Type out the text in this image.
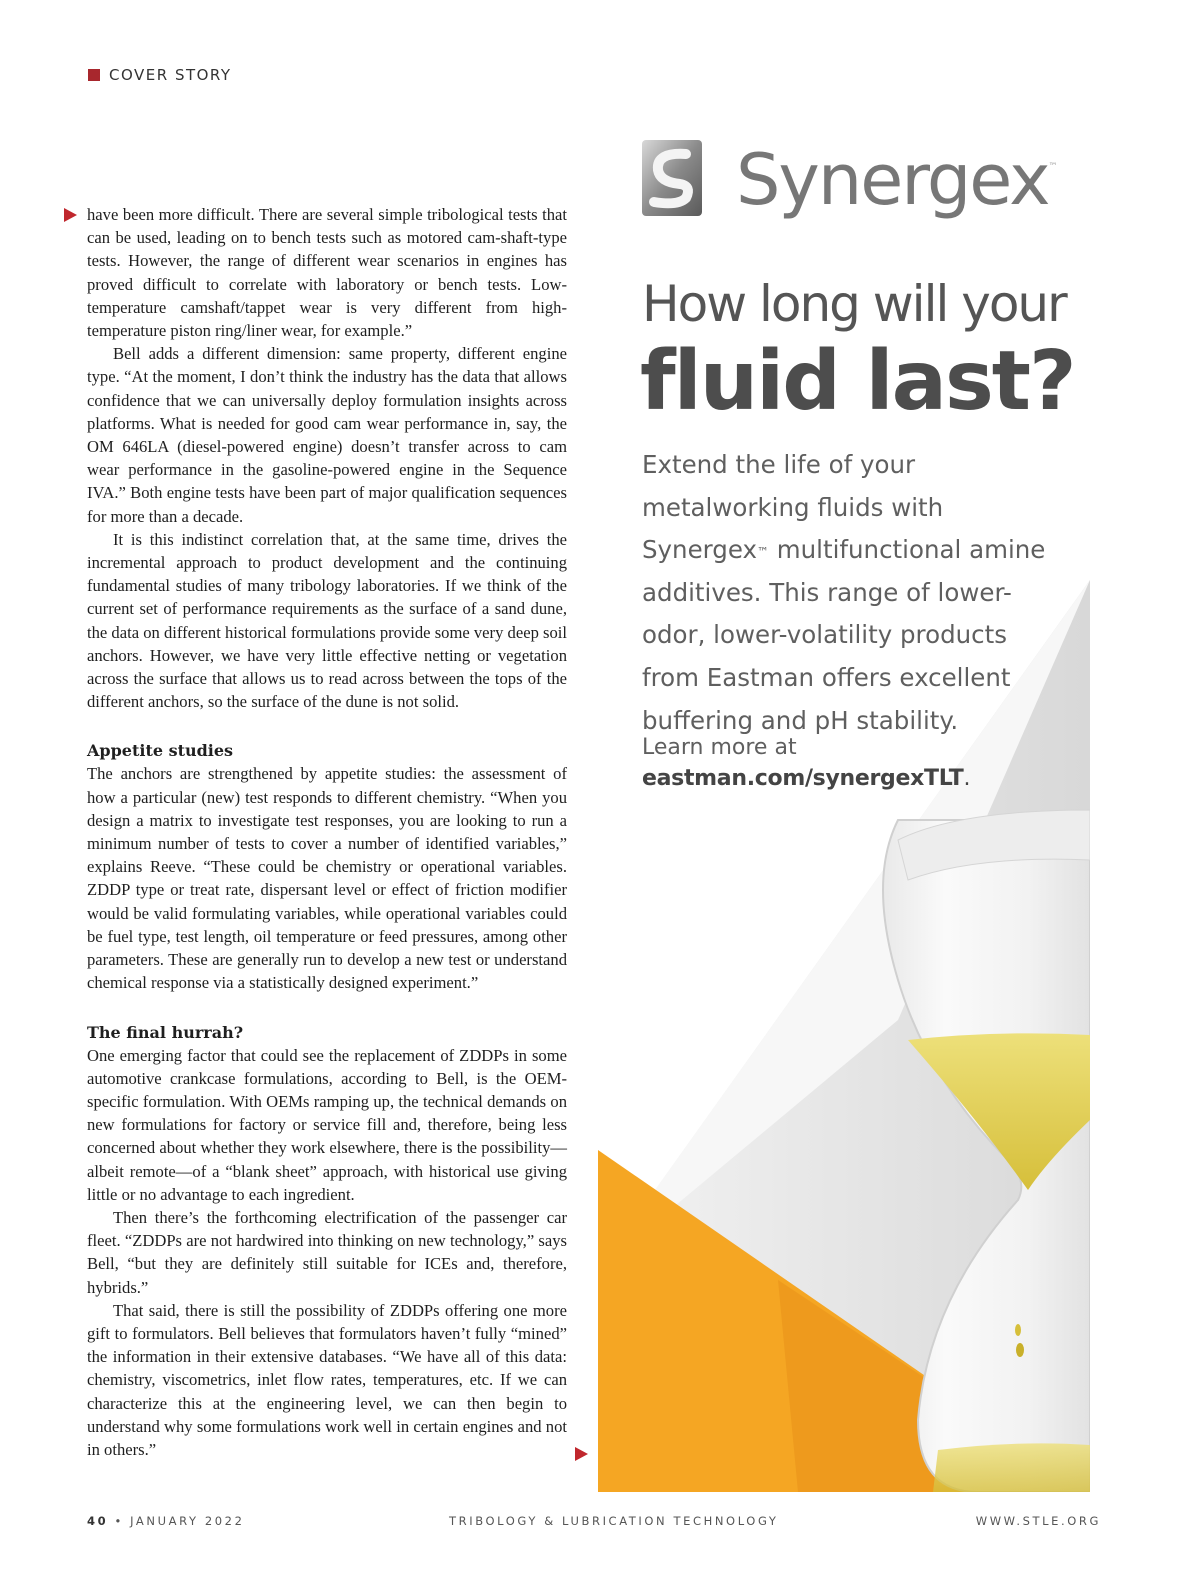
COVER STORY

have been more difficult. There are several simple tribological tests that can be used, leading on to bench tests such as motored cam-shaft-type tests. However, the range of different wear scenarios in engines has proved difficult to correlate with laboratory or bench tests. Low-temperature camshaft/tappet wear is very different from high-temperature piston ring/liner wear, for example.”

Bell adds a different dimension: same property, different engine type. “At the moment, I don’t think the industry has the data that allows confidence that we can universally deploy formulation insights across platforms. What is needed for good cam wear performance in, say, the OM 646LA (diesel-powered engine) doesn’t transfer across to cam wear performance in the gasoline-powered engine in the Sequence IVA.” Both engine tests have been part of major qualification sequences for more than a decade.

It is this indistinct correlation that, at the same time, drives the incremental approach to product development and the continuing fundamental studies of many tribology laboratories. If we think of the current set of performance requirements as the surface of a sand dune, the data on different historical formulations provide some very deep soil anchors. However, we have very little effective netting or vegetation across the surface that allows us to read across between the tops of the different anchors, so the surface of the dune is not solid.

Appetite studies

The anchors are strengthened by appetite studies: the assessment of how a particular (new) test responds to different chemistry. “When you design a matrix to investigate test responses, you are looking to run a minimum number of tests to cover a number of identified variables,” explains Reeve. “These could be chemistry or operational variables. ZDDP type or treat rate, dispersant level or effect of friction modifier would be valid formulating variables, while operational variables could be fuel type, test length, oil temperature or feed pressures, among other parameters. These are generally run to develop a new test or understand chemical response via a statistically designed experiment.”

The final hurrah?

One emerging factor that could see the replacement of ZDDPs in some automotive crankcase formulations, according to Bell, is the OEM-specific formulation. With OEMs ramping up, the technical demands on new formulations for factory or service fill and, therefore, being less concerned about whether they work elsewhere, there is the possibility—albeit remote—of a “blank sheet” approach, with historical use giving little or no advantage to each ingredient.

Then there’s the forthcoming electrification of the passenger car fleet. “ZDDPs are not hardwired into thinking on new technology,” says Bell, “but they are definitely still suitable for ICEs and, therefore, hybrids.”

That said, there is still the possibility of ZDDPs offering one more gift to formulators. Bell believes that formulators haven’t fully “mined” the information in their extensive databases. “We have all of this data: chemistry, viscometrics, inlet flow rates, temperatures, etc. If we can characterize this at the engineering level, we can then begin to understand why some formulations work well in certain engines and not in others.”

Synergex ™
How long will your
fluid last?
Extend the life of your metalworking fluids with Synergex™ multifunctional amine additives. This range of lower-odor, lower-volatility products from Eastman offers excellent buffering and pH stability.
Learn more at
eastman.com/synergexTLT.
40 • JANUARY 2022	TRIBOLOGY & LUBRICATION TECHNOLOGY	WWW.STLE.ORG
